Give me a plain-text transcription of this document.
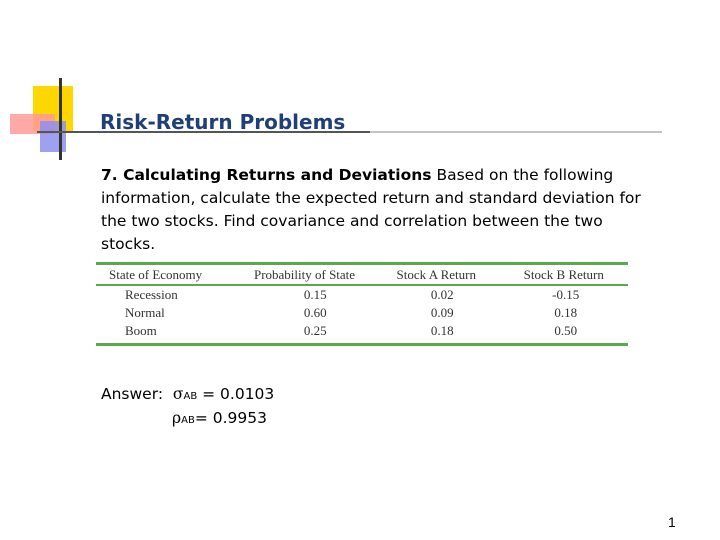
Risk-Return Problems
7. Calculating Returns and Deviations Based on the following information, calculate the expected return and standard deviation for the two stocks. Find covariance and correlation between the two stocks.
State of Economy	Probability of State	Stock A Return	Stock B Return
Recession	0.15	0.02	-0.15
Normal	0.60	0.09	0.18
Boom	0.25	0.18	0.50
Answer: σAB = 0.0103
ρAB= 0.9953
1
